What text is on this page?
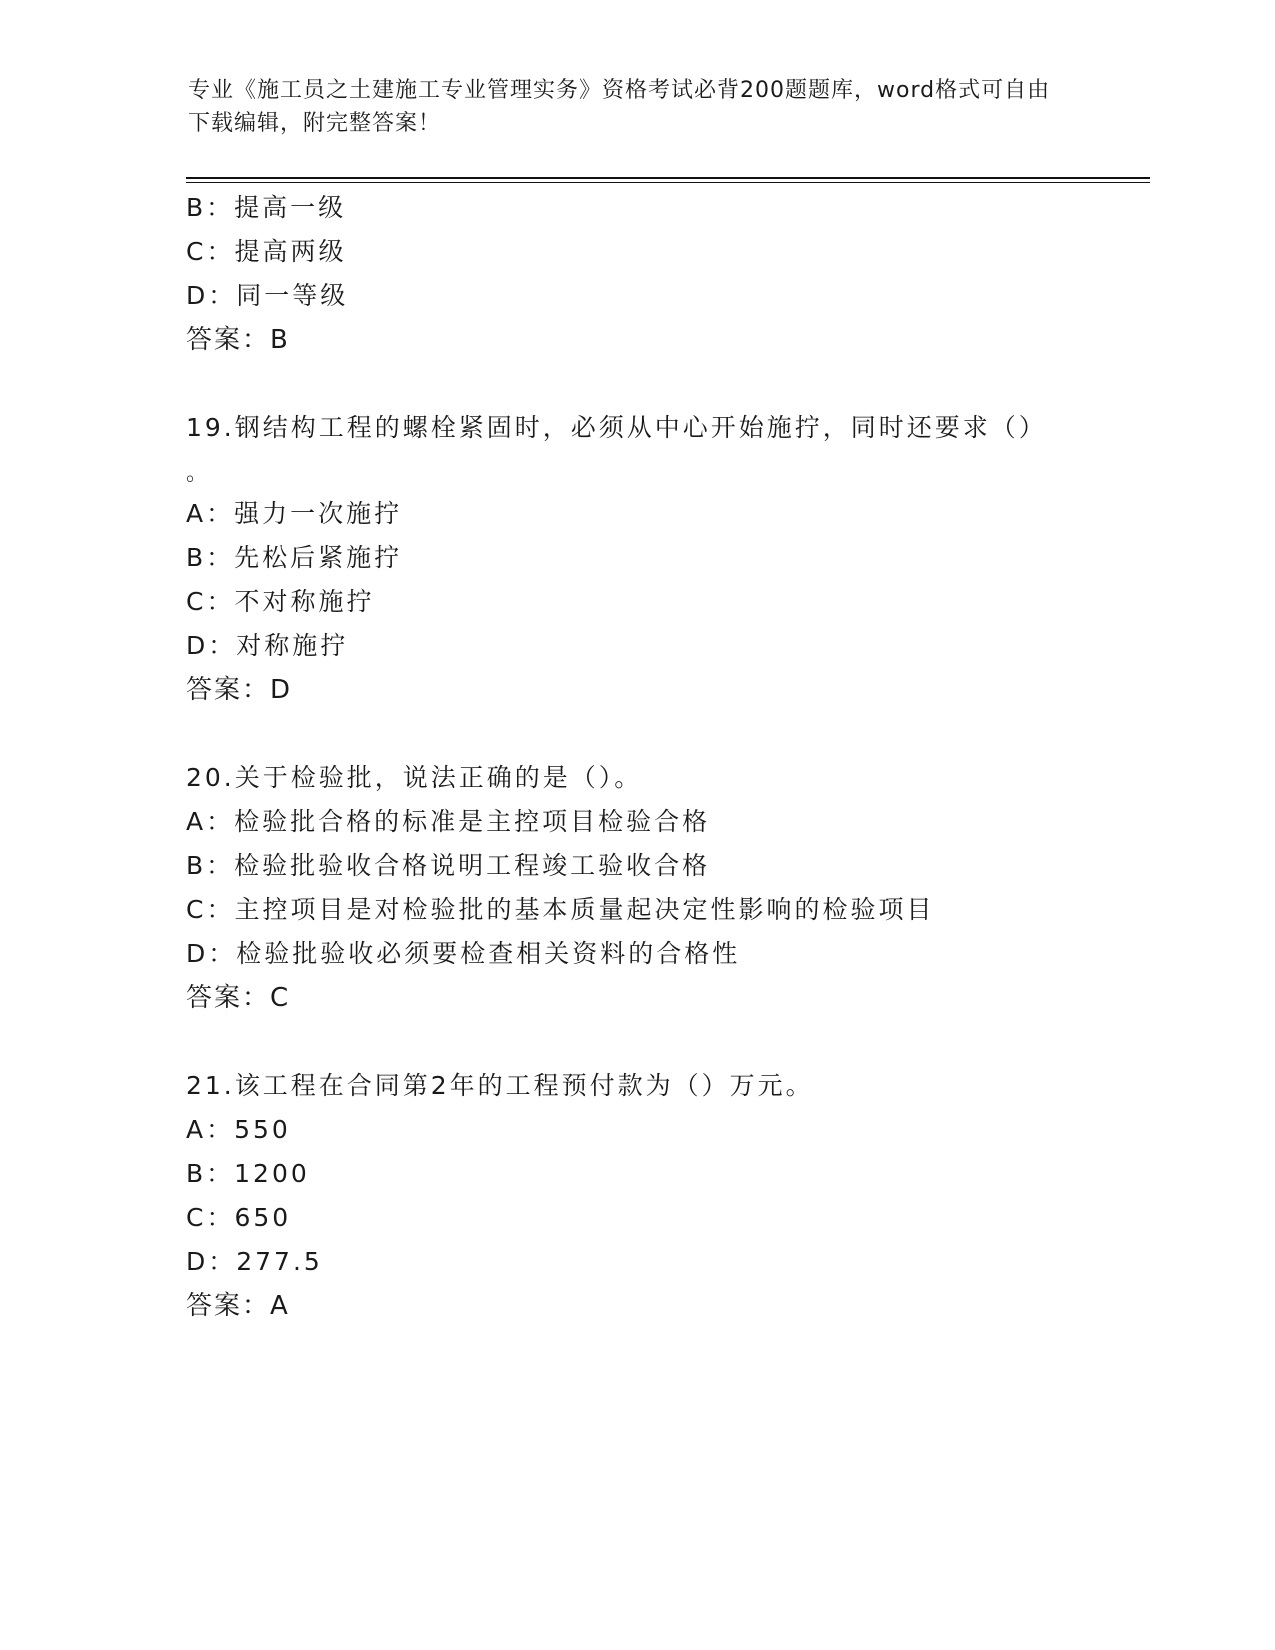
专业《施工员之土建施工专业管理实务》资格考试必背200题题库，word格式可自由下载编辑，附完整答案！
B：提高一级
C：提高两级
D：同一等级
答案：B
19.钢结构工程的螺栓紧固时，必须从中心开始施拧，同时还要求（）
。
A：强力一次施拧
B：先松后紧施拧
C：不对称施拧
D：对称施拧
答案：D
20.关于检验批，说法正确的是（）。
A：检验批合格的标准是主控项目检验合格
B：检验批验收合格说明工程竣工验收合格
C：主控项目是对检验批的基本质量起决定性影响的检验项目
D：检验批验收必须要检查相关资料的合格性
答案：C
21.该工程在合同第2年的工程预付款为（）万元。
A：550
B：1200
C：650
D：277.5
答案：A
